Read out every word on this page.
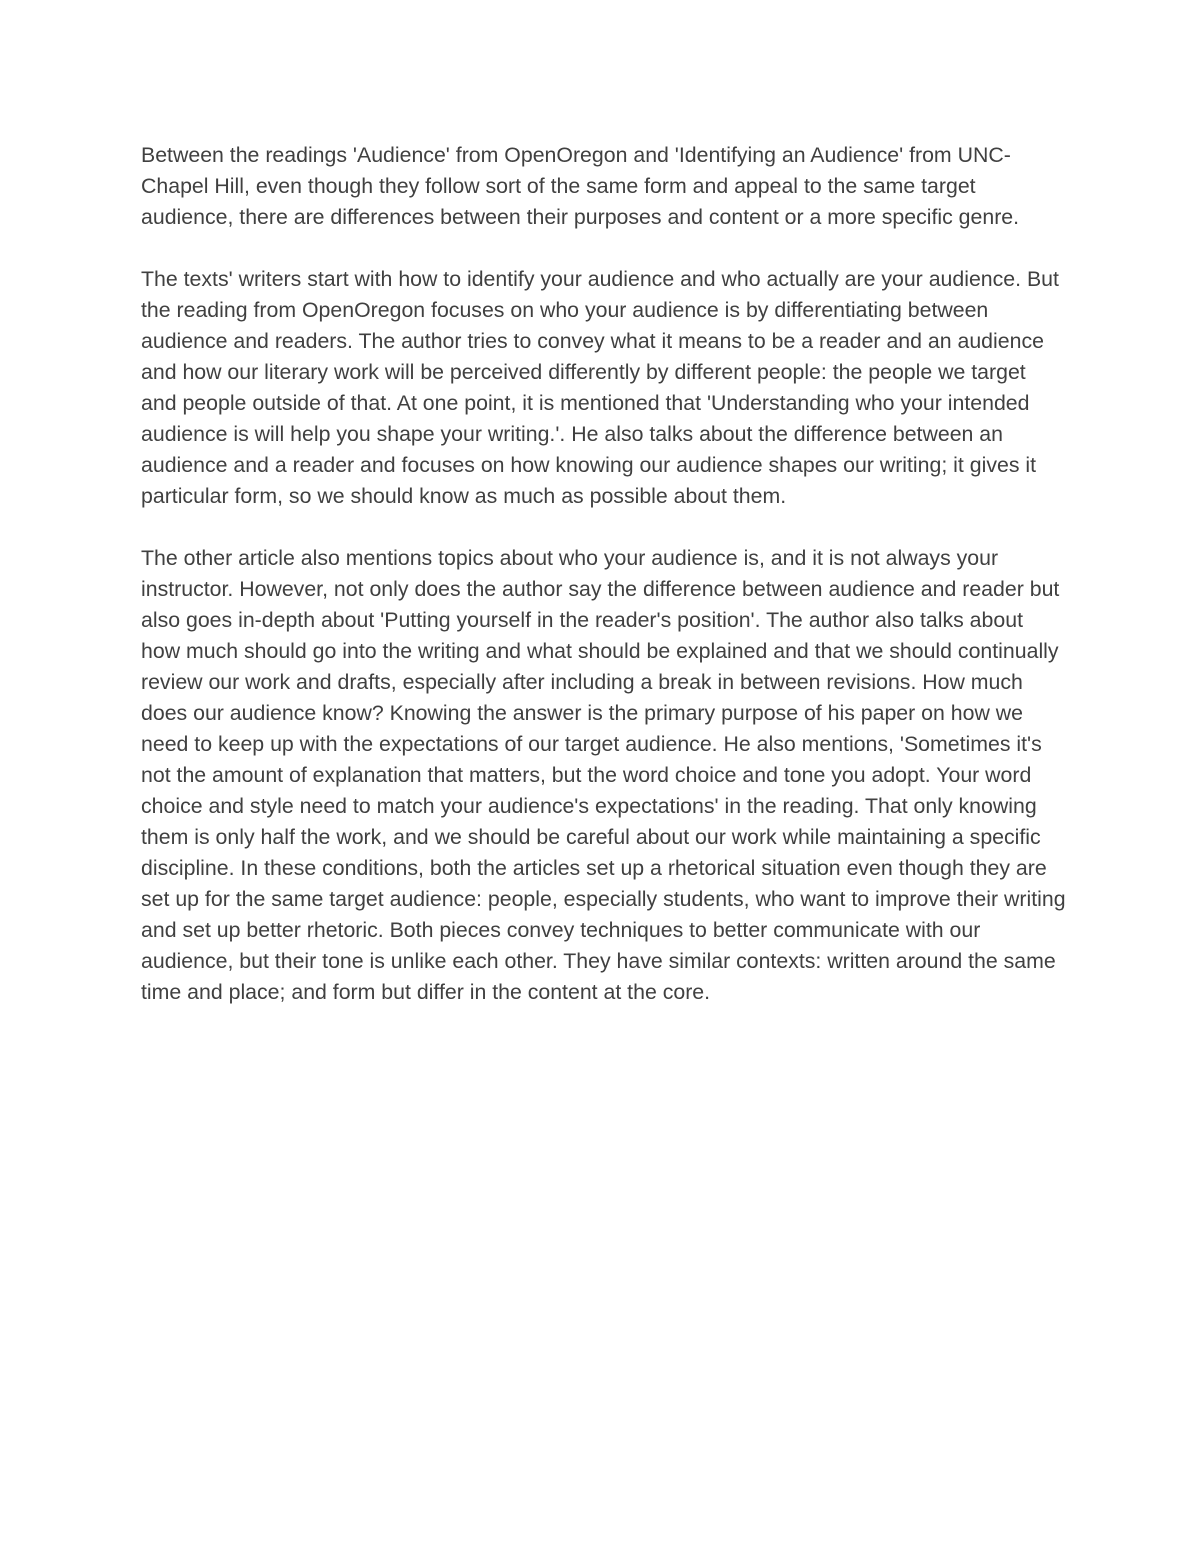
Between the readings 'Audience' from OpenOregon and 'Identifying an Audience' from UNC-Chapel Hill, even though they follow sort of the same form and appeal to the same target audience, there are differences between their purposes and content or a more specific genre.

The texts' writers start with how to identify your audience and who actually are your audience. But the reading from OpenOregon focuses on who your audience is by differentiating between audience and readers. The author tries to convey what it means to be a reader and an audience and how our literary work will be perceived differently by different people: the people we target and people outside of that. At one point, it is mentioned that 'Understanding who your intended audience is will help you shape your writing.'. He also talks about the difference between an audience and a reader and focuses on how knowing our audience shapes our writing; it gives it particular form, so we should know as much as possible about them.

The other article also mentions topics about who your audience is, and it is not always your instructor. However, not only does the author say the difference between audience and reader but also goes in-depth about 'Putting yourself in the reader's position'. The author also talks about how much should go into the writing and what should be explained and that we should continually review our work and drafts, especially after including a break in between revisions. How much does our audience know? Knowing the answer is the primary purpose of his paper on how we need to keep up with the expectations of our target audience. He also mentions, 'Sometimes it's not the amount of explanation that matters, but the word choice and tone you adopt. Your word choice and style need to match your audience's expectations' in the reading. That only knowing them is only half the work, and we should be careful about our work while maintaining a specific discipline. In these conditions, both the articles set up a rhetorical situation even though they are set up for the same target audience: people, especially students, who want to improve their writing and set up better rhetoric. Both pieces convey techniques to better communicate with our audience, but their tone is unlike each other. They have similar contexts: written around the same time and place; and form but differ in the content at the core.
